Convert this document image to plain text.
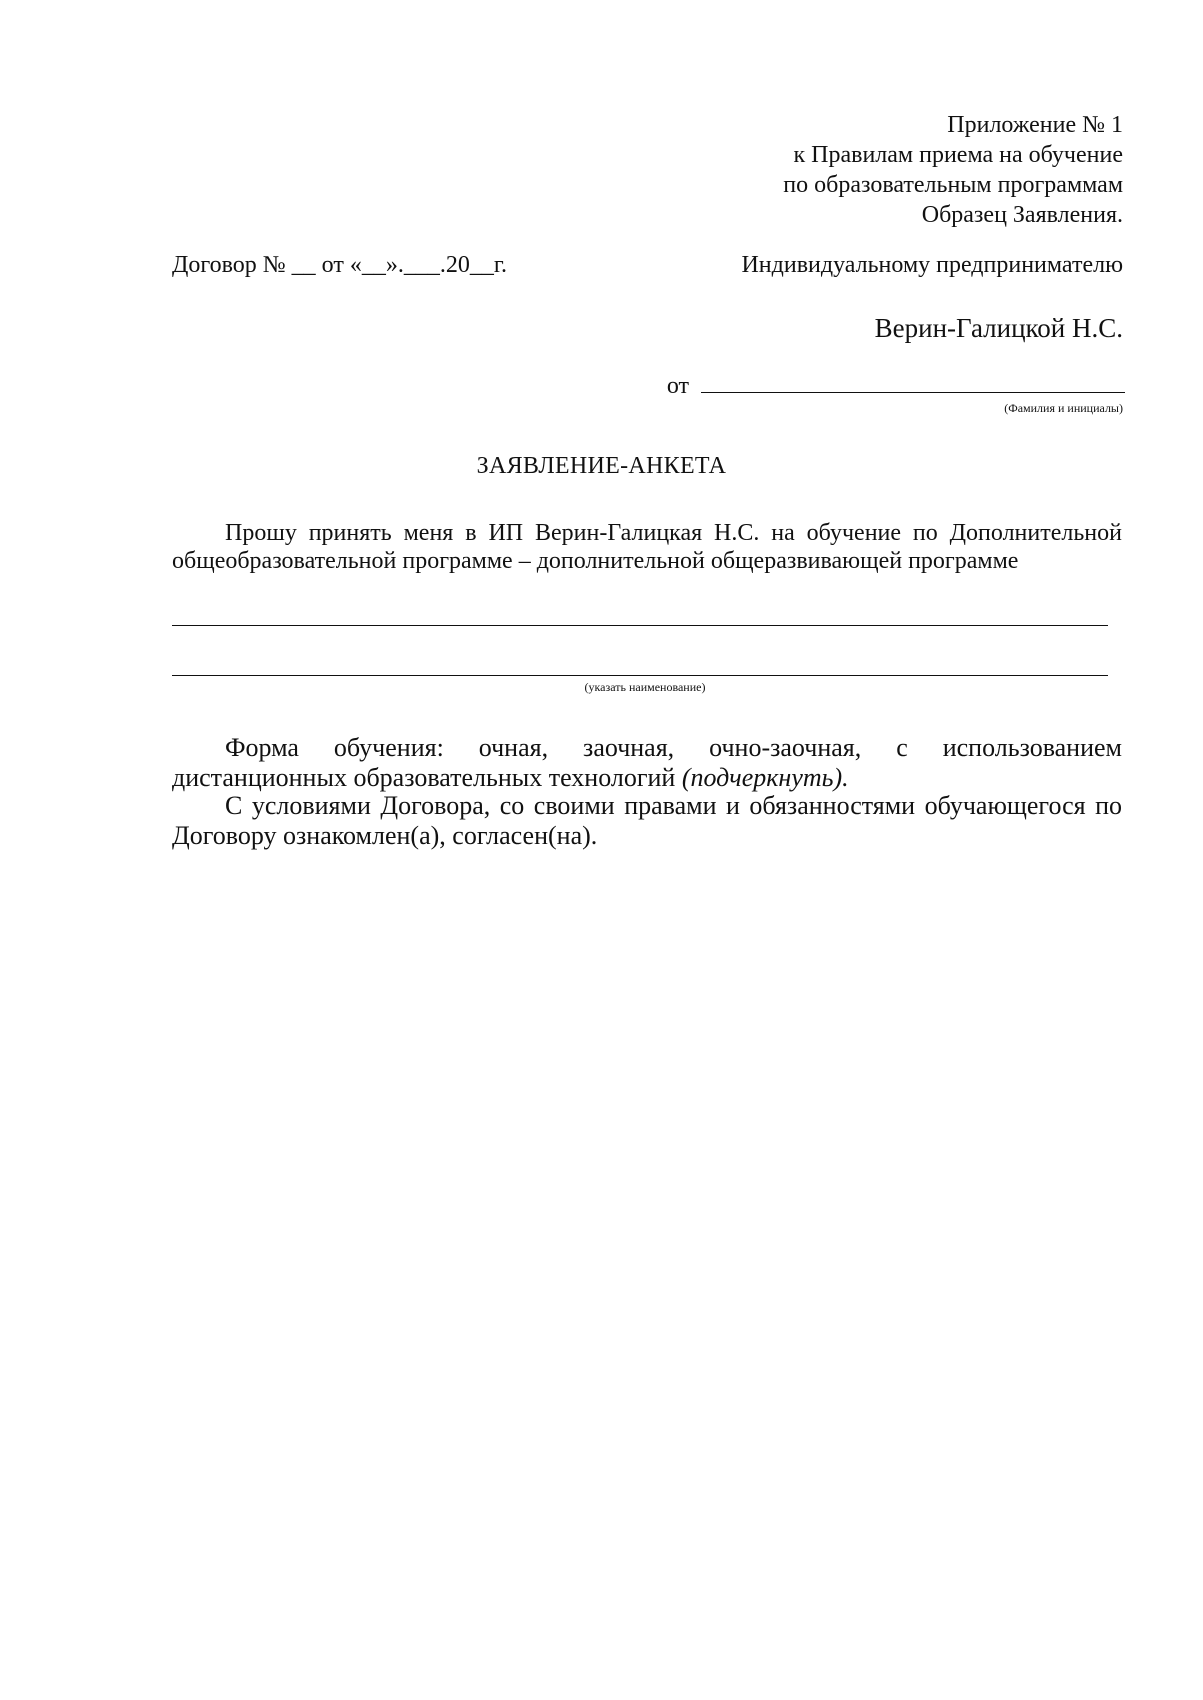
Приложение № 1
к Правилам приема на обучение
по образовательным программам
Образец Заявления.
Договор № __ от «__».___.20__г.	Индивидуальному предпринимателю
Верин-Галицкой Н.С.
от
(Фамилия и инициалы)
ЗАЯВЛЕНИЕ-АНКЕТА
Прошу принять меня в ИП Верин-Галицкая Н.С. на обучение по Дополнительной общеобразовательной программе – дополнительной общеразвивающей программе
(указать наименование)
Форма обучения: очная, заочная, очно-заочная, с использованием дистанционных образовательных технологий (подчеркнуть).
С условиями Договора, со своими правами и обязанностями обучающегося по Договору ознакомлен(а), согласен(на).
